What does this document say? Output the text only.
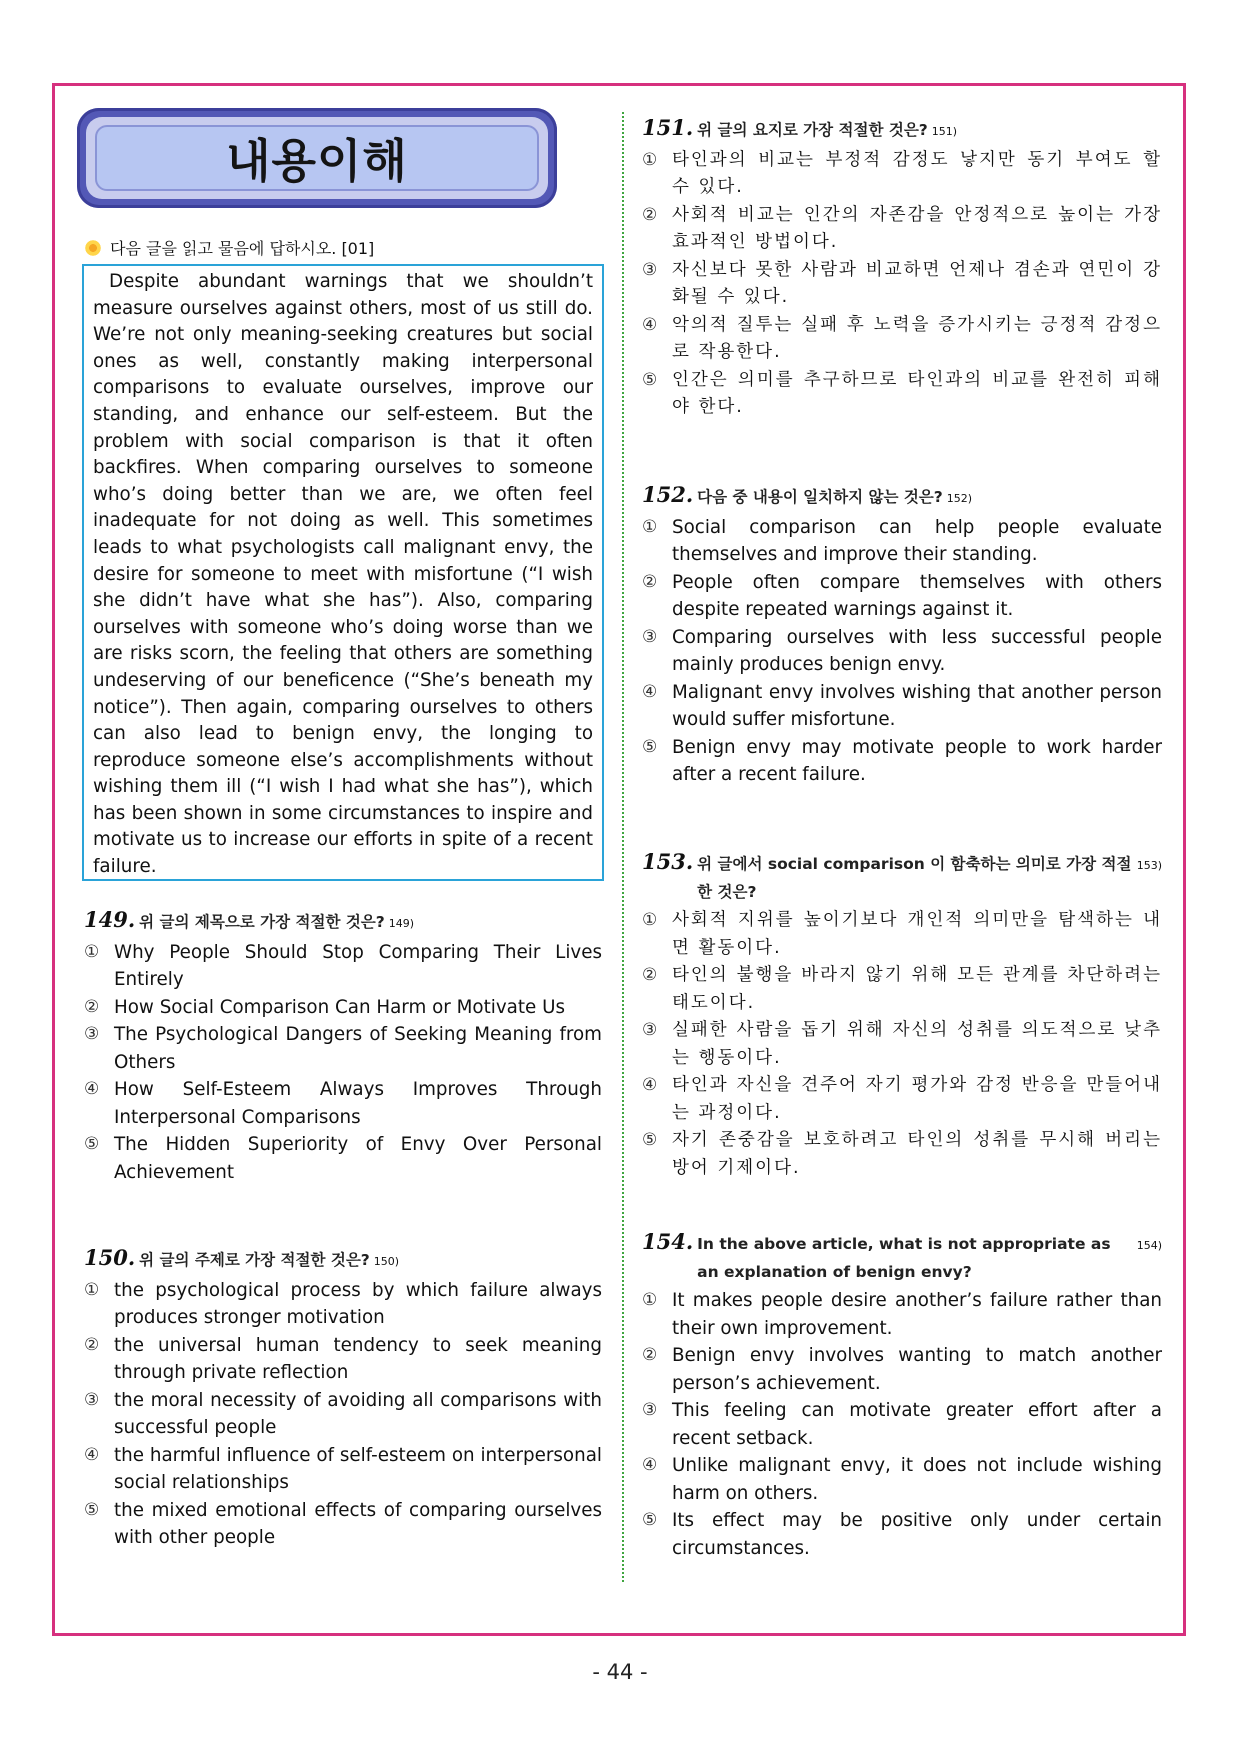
내용이해
다음 글을 읽고 물음에 답하시오. [01]
Despite abundant warnings that we shouldn’t measure ourselves against others, most of us still do. We’re not only meaning-seeking creatures but social ones as well, constantly making interpersonal comparisons to evaluate ourselves, improve our standing, and enhance our self-esteem. But the problem with social comparison is that it often backfires. When comparing ourselves to someone who’s doing better than we are, we often feel inadequate for not doing as well. This sometimes leads to what psychologists call malignant envy, the desire for someone to meet with misfortune (“I wish she didn’t have what she has”). Also, comparing ourselves with someone who’s doing worse than we are risks scorn, the feeling that others are something undeserving of our beneficence (“She’s beneath my notice”). Then again, comparing ourselves to others can also lead to benign envy, the longing to reproduce someone else’s accomplishments without wishing them ill (“I wish I had what she has”), which has been shown in some circumstances to inspire and motivate us to increase our efforts in spite of a recent failure.
149. 위 글의 제목으로 가장 적절한 것은? 149)
① Why People Should Stop Comparing Their Lives Entirely
② How Social Comparison Can Harm or Motivate Us
③ The Psychological Dangers of Seeking Meaning from Others
④ How Self-Esteem Always Improves Through Interpersonal Comparisons
⑤ The Hidden Superiority of Envy Over Personal Achievement
150. 위 글의 주제로 가장 적절한 것은? 150)
① the psychological process by which failure always produces stronger motivation
② the universal human tendency to seek meaning through private reflection
③ the moral necessity of avoiding all comparisons with successful people
④ the harmful influence of self-esteem on interpersonal social relationships
⑤ the mixed emotional effects of comparing ourselves with other people
151. 위 글의 요지로 가장 적절한 것은? 151)
① 타인과의 비교는 부정적 감정도 낳지만 동기 부여도 할 수 있다.
② 사회적 비교는 인간의 자존감을 안정적으로 높이는 가장 효과적인 방법이다.
③ 자신보다 못한 사람과 비교하면 언제나 겸손과 연민이 강화될 수 있다.
④ 악의적 질투는 실패 후 노력을 증가시키는 긍정적 감정으로 작용한다.
⑤ 인간은 의미를 추구하므로 타인과의 비교를 완전히 피해야 한다.
152. 다음 중 내용이 일치하지 않는 것은? 152)
① Social comparison can help people evaluate themselves and improve their standing.
② People often compare themselves with others despite repeated warnings against it.
③ Comparing ourselves with less successful people mainly produces benign envy.
④ Malignant envy involves wishing that another person would suffer misfortune.
⑤ Benign envy may motivate people to work harder after a recent failure.
153. 위 글에서 social comparison 이 함축하는 의미로 가장 적절한 것은?
153)
① 사회적 지위를 높이기보다 개인적 의미만을 탐색하는 내면 활동이다.
② 타인의 불행을 바라지 않기 위해 모든 관계를 차단하려는 태도이다.
③ 실패한 사람을 돕기 위해 자신의 성취를 의도적으로 낮추는 행동이다.
④ 타인과 자신을 견주어 자기 평가와 감정 반응을 만들어내는 과정이다.
⑤ 자기 존중감을 보호하려고 타인의 성취를 무시해 버리는 방어 기제이다.
154. In the above article, what is not appropriate as an explanation of benign envy?
154)
① It makes people desire another’s failure rather than their own improvement.
② Benign envy involves wanting to match another person’s achievement.
③ This feeling can motivate greater effort after a recent setback.
④ Unlike malignant envy, it does not include wishing harm on others.
⑤ Its effect may be positive only under certain circumstances.
- 44 -
